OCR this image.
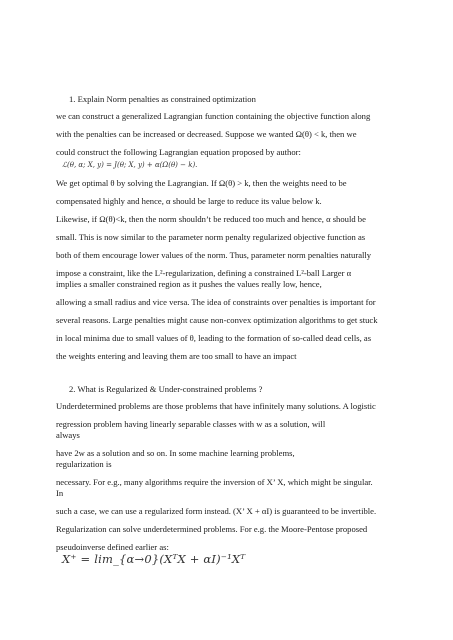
1. Explain Norm penalties as constrained optimization
we can construct a generalized Lagrangian function containing the objective function along
with the penalties can be increased or decreased. Suppose we wanted Ω(θ) < k, then we
could construct the following Lagrangian equation proposed by author:
ℒ(θ, α; X, y) = J(θ; X, y) + α(Ω(θ) − k).
We get optimal θ by solving the Lagrangian. If Ω(θ) > k, then the weights need to be
compensated highly and hence, α should be large to reduce its value below k.
Likewise, if Ω(θ)<k, then the norm shouldn’t be reduced too much and hence, α should be
small. This is now similar to the parameter norm penalty regularized objective function as
both of them encourage lower values of the norm. Thus, parameter norm penalties naturally
impose a constraint, like the L²-regularization, defining a constrained L²-ball Larger α
implies a smaller constrained region as it pushes the values really low, hence,
allowing a small radius and vice versa. The idea of constraints over penalties is important for
several reasons. Large penalties might cause non-convex optimization algorithms to get stuck
in local minima due to small values of θ, leading to the formation of so-called dead cells, as
the weights entering and leaving them are too small to have an impact
2. What is Regularized & Under-constrained problems ?
Underdetermined problems are those problems that have infinitely many solutions. A logistic
regression problem having linearly separable classes with w as a solution, will
always
have 2w as a solution and so on. In some machine learning problems,
regularization is
necessary. For e.g., many algorithms require the inversion of X’ X, which might be singular.
In
such a case, we can use a regularized form instead. (X’ X + αI) is guaranteed to be invertible.
Regularization can solve underdetermined problems. For e.g. the Moore-Pentose proposed
pseudoinverse defined earlier as:
X⁺ = lim_{α→0}(XᵀX + αI)⁻¹Xᵀ
